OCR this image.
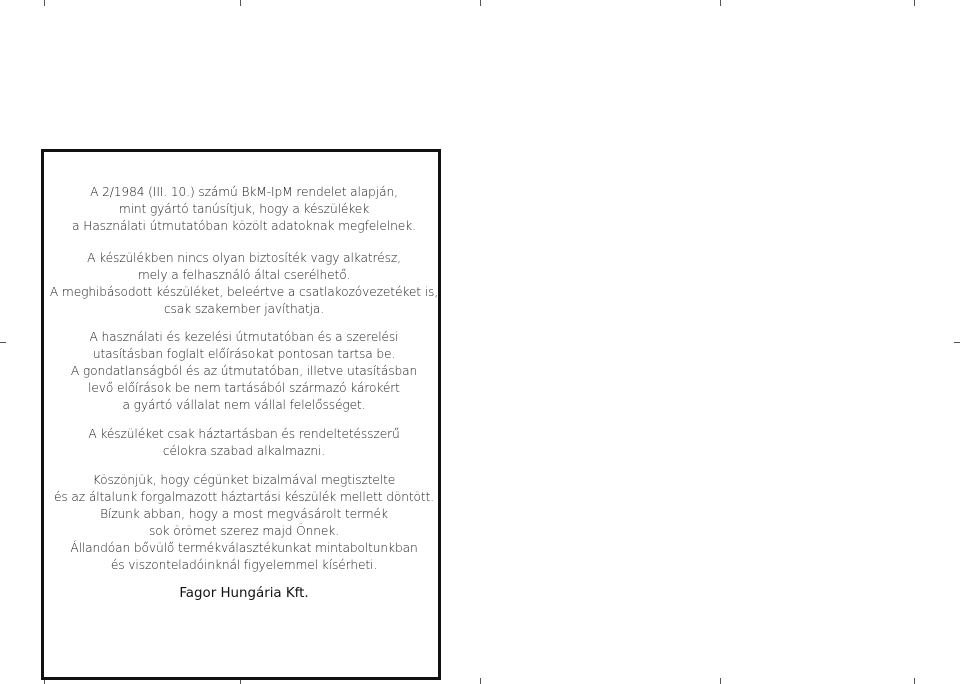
A 2/1984 (III. 10.) számú BkM-IpM rendelet alapján,
mint gyártó tanúsítjuk, hogy a készülékek
a Használati útmutatóban közölt adatoknak megfelelnek.
A készülékben nincs olyan biztosíték vagy alkatrész,
mely a felhasználó által cserélhető.
A meghibásodott készüléket, beleértve a csatlakozóvezetéket is,
csak szakember javíthatja.
A használati és kezelési útmutatóban és a szerelési
utasításban foglalt előírásokat pontosan tartsa be.
A gondatlanságból és az útmutatóban, illetve utasításban
levő előírások be nem tartásából származó károkért
a gyártó vállalat nem vállal felelősséget.
A készüléket csak háztartásban és rendeltetésszerű
célokra szabad alkalmazni.
Köszönjük, hogy cégünket bizalmával megtisztelte
és az általunk forgalmazott háztartási készülék mellett döntött.
Bízunk abban, hogy a most megvásárolt termék
sok örömet szerez majd Önnek.
Állandóan bővülő termékválasztékunkat mintaboltunkban
és viszonteladóinknál figyelemmel kísérheti.
Fagor Hungária Kft.
